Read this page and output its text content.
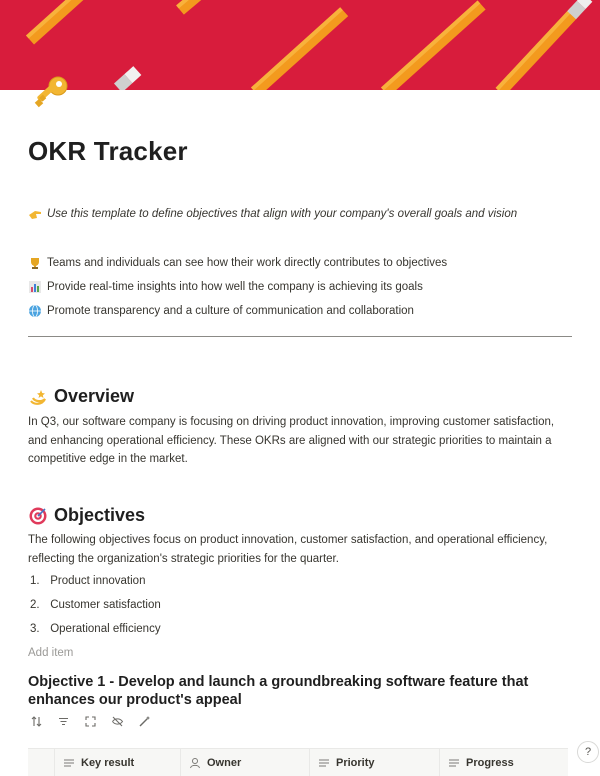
OKR Tracker
Use this template to define objectives that align with your company's overall goals and vision
Teams and individuals can see how their work directly contributes to objectives
Provide real-time insights into how well the company is achieving its goals
Promote transparency and a culture of communication and collaboration
Overview
In Q3, our software company is focusing on driving product innovation, improving customer satisfaction, and enhancing operational efficiency. These OKRs are aligned with our strategic priorities to maintain a competitive edge in the market.
Objectives
The following objectives focus on product innovation, customer satisfaction, and operational efficiency, reflecting the organization's strategic priorities for the quarter.
1. Product innovation
2. Customer satisfaction
3. Operational efficiency
Add item
Objective 1 - Develop and launch a groundbreaking software feature that enhances our product's appeal
Key result	Owner	Priority	Progress
?
